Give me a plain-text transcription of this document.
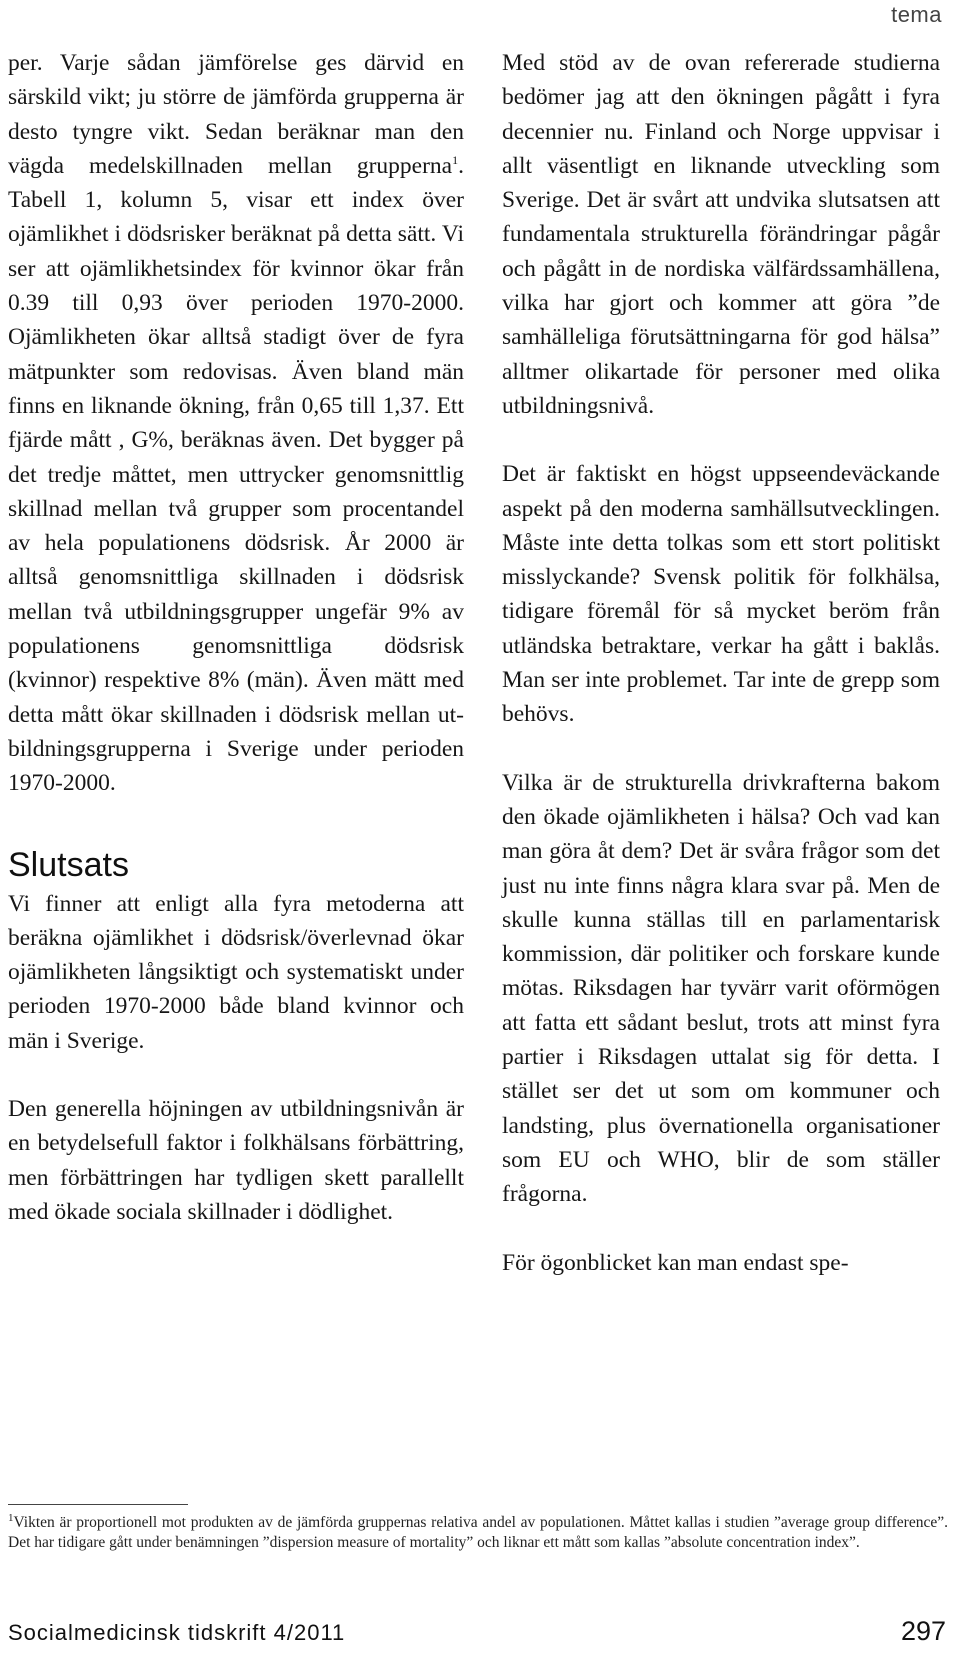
tema

per. Varje sådan jämförelse ges därvid en särskild vikt; ju större de jämförda grupperna är desto tyngre vikt. Sedan beräknar man den vägda medelskillnaden mellan grupperna$^1$. Tabell 1, kolumn 5, visar ett index över ojämlikhet i dödsrisker beräknat på detta sätt. Vi ser att ojämlikhetsindex för kvinnor ökar från 0.39 till 0,93 över perioden 1970-2000. Ojämlikheten ökar alltså stadigt över de fyra mätpunkter som redovisas. Även bland män finns en liknande ökning, från 0,65 till 1,37. Ett fjärde mått , G%, beräknas även. Det bygger på det tredje måttet, men uttrycker genomsnittlig skillnad mellan två grupper som procentandel av hela populationens dödsrisk. År 2000 är alltså genomsnittliga skillnaden i dödsrisk mellan två utbildningsgrupper ungefär 9% av populationens genomsnittliga dödsrisk (kvinnor) respektive 8% (män). Även mätt med detta mått ökar skillnaden i dödsrisk mellan utbildningsgrupperna i Sverige under perioden 1970-2000.

Slutsats

Vi finner att enligt alla fyra metoderna att beräkna ojämlikhet i dödsrisk/överlevnad ökar ojämlikheten långsiktigt och systematiskt under perioden 1970-2000 både bland kvinnor och män i Sverige.

Den generella höjningen av utbildningsnivån är en betydelsefull faktor i folkhälsans förbättring, men förbättringen har tydligen skett parallellt med ökade sociala skillnader i dödlighet.

Med stöd av de ovan refererade studierna bedömer jag att den ökningen pågått i fyra decennier nu. Finland och Norge uppvisar i allt väsentligt en liknande utveckling som Sverige. Det är svårt att undvika slutsatsen att fundamentala strukturella förändringar pågår och pågått in de nordiska välfärdssamhällena, vilka har gjort och kommer att göra ”de samhälleliga förutsättningarna för god hälsa” alltmer olikartade för personer med olika utbildningsnivå.

Det är faktiskt en högst uppseendeväckande aspekt på den moderna samhällsutvecklingen. Måste inte detta tolkas som ett stort politiskt misslyckande? Svensk politik för folkhälsa, tidigare föremål för så mycket beröm från utländska betraktare, verkar ha gått i baklås. Man ser inte problemet. Tar inte de grepp som behövs.

Vilka är de strukturella drivkrafterna bakom den ökade ojämlikheten i hälsa? Och vad kan man göra åt dem? Det är svåra frågor som det just nu inte finns några klara svar på. Men de skulle kunna ställas till en parlamentarisk kommission, där politiker och forskare kunde mötas. Riksdagen har tyvärr varit oförmögen att fatta ett sådant beslut, trots att minst fyra partier i Riksdagen uttalat sig för detta. I stället ser det ut som om kommuner och landsting, plus övernationella organisationer som EU och WHO, blir de som ställer frågorna.

För ögonblicket kan man endast spe-

$^1$Vikten är proportionell mot produkten av de jämförda gruppernas relativa andel av populationen. Måttet kallas i studien ”average group difference”. Det har tidigare gått under benämningen ”dispersion measure of mortality” och liknar ett mått som kallas ”absolute concentration index”.
Socialmedicinsk tidskrift 4/2011	297
